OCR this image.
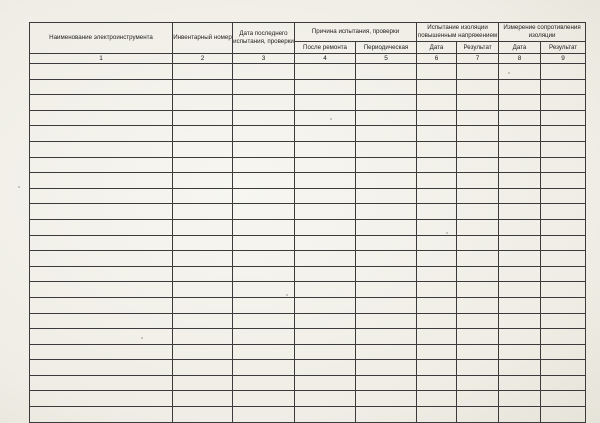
Наименование электроинструмента	Инвентарный номер	Дата последнего испытания, проверки	Причина испытания, проверки		Испытание изоляции повышенным напряжением		Измерение сопротивления изоляции	
			После ремонта	Периодическая	Дата	Результат	Дата	Результат
1	2	3	4	5	6	7	8	9
